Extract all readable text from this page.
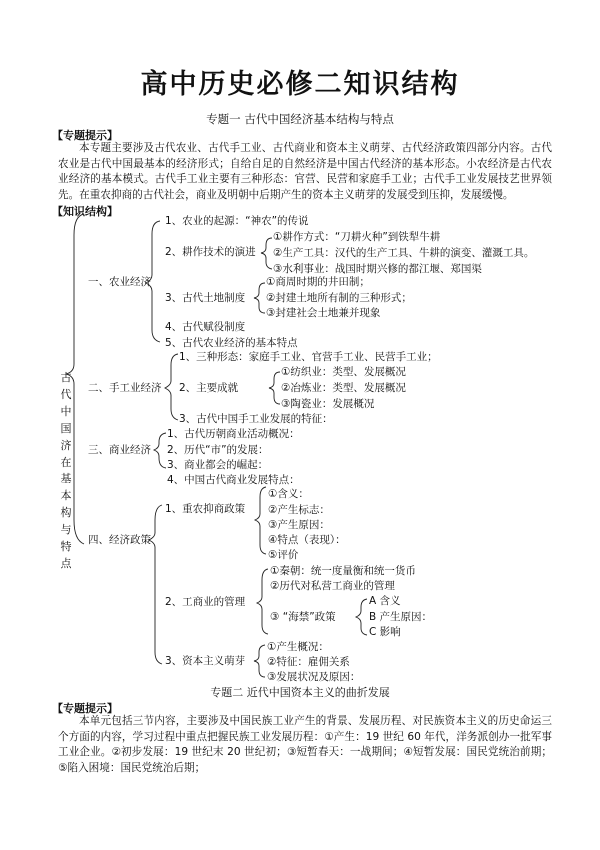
高中历史必修二知识结构
专题一 古代中国经济基本结构与特点
【专题提示】
本专题主要涉及古代农业、古代手工业、古代商业和资本主义萌芽、古代经济政策四部分内容。古代农业是古代中国最基本的经济形式；自给自足的自然经济是中国古代经济的基本形态。小农经济是古代农业经济的基本模式。古代手工业主要有三种形态：官营、民营和家庭手工业；古代手工业发展技艺世界领先。在重农抑商的古代社会，商业及明朝中后期产生的资本主义萌芽的发展受到压抑，发展缓慢。
【知识结构】
古代中国济在基本构与特点
一、农业经济
1、农业的起源：“神农”的传说
2、耕作技术的演进
3、古代土地制度
4、古代赋役制度
5、古代农业经济的基本特点
①耕作方式：“刀耕火种”到铁犁牛耕
②生产工具：汉代的生产工具、牛耕的演变、灌溉工具。
③水利事业：战国时期兴修的都江堰、郑国渠
①商周时期的井田制；
②封建土地所有制的三种形式；
③封建社会土地兼并现象
二、手工业经济
1、三种形态：家庭手工业、官营手工业、民营手工业；
2、主要成就
3、古代中国手工业发展的特征：
①纺织业：类型、发展概况
②冶炼业：类型、发展概况
③陶瓷业：发展概况
三、商业经济
1、古代历朝商业活动概况：
2、历代“市”的发展：
3、商业都会的崛起：
4、中国古代商业发展特点：
四、经济政策
1、重农抑商政策
2、工商业的管理
3、资本主义萌芽
①含义：
②产生标志：
③产生原因：
④特点（表现）：
⑤评价
①秦朝：统一度量衡和统一货币
②历代对私营工商业的管理
③ “海禁”政策
A 含义
B 产生原因：
C 影响
①产生概况：
②特征：雇佣关系
③发展状况及原因：
专题二 近代中国资本主义的曲折发展
【专题提示】
本单元包括三节内容，主要涉及中国民族工业产生的背景、发展历程、对民族资本主义的历史命运三个方面的内容，学习过程中重点把握民族工业发展历程：①产生：19 世纪 60 年代，洋务派创办一批军事工业企业。②初步发展：19 世纪末 20 世纪初；③短暂春天：一战期间；④短暂发展：国民党统治前期；⑤陷入困境：国民党统治后期；
